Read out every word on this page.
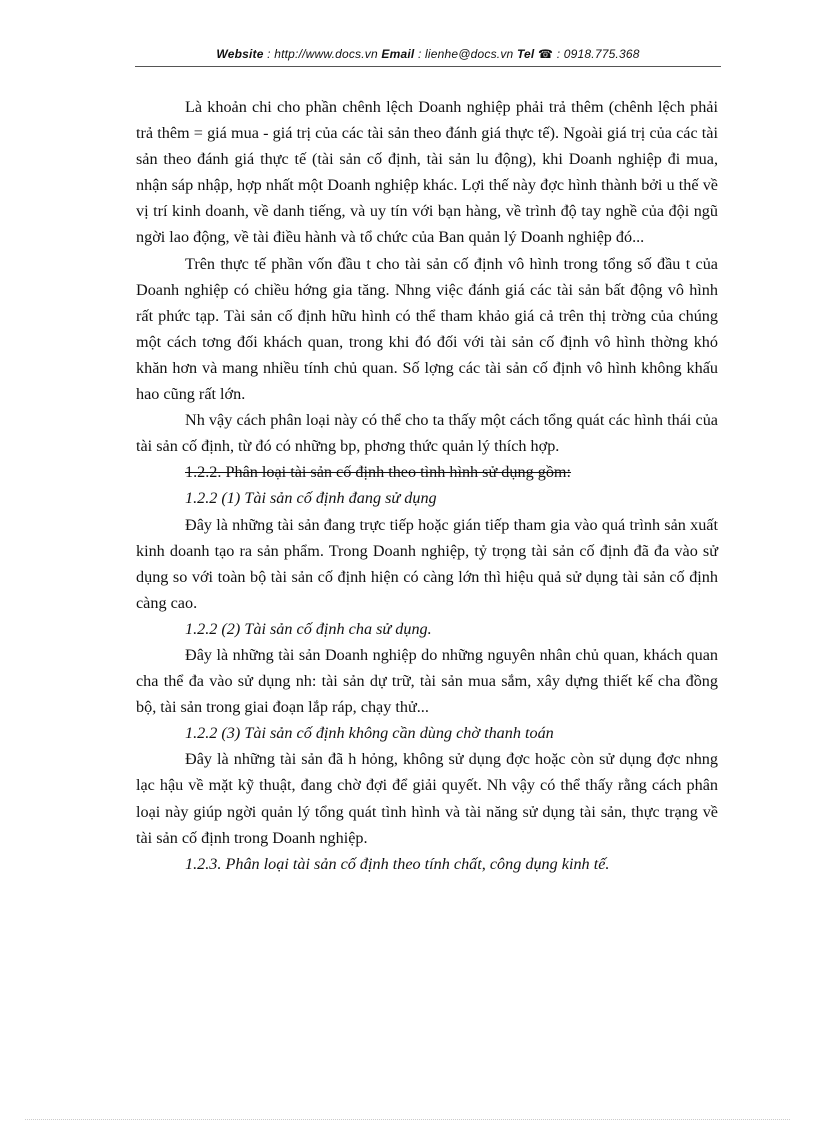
Website : http://www.docs.vn Email : lienhe@docs.vn Tel ☎ : 0918.775.368

Là khoản chi cho phần chênh lệch Doanh nghiệp phải trả thêm (chênh lệch phải trả thêm = giá mua - giá trị của các tài sản theo đánh giá thực tế). Ngoài giá trị của các tài sản theo đánh giá thực tế (tài sản cố định, tài sản lu động), khi Doanh nghiệp đi mua, nhận sáp nhập, hợp nhất một Doanh nghiệp khác. Lợi thế này đợc hình thành bởi u thế về vị trí kinh doanh, về danh tiếng, và uy tín với bạn hàng, về trình độ tay nghề của đội ngũ ngời lao động, về tài điều hành và tổ chức của Ban quản lý Doanh nghiệp đó...

Trên thực tế phần vốn đầu t cho tài sản cố định vô hình trong tổng số đầu t của Doanh nghiệp có chiều hớng gia tăng. Nhng việc đánh giá các tài sản bất động vô hình rất phức tạp. Tài sản cố định hữu hình có thể tham khảo giá cả trên thị trờng của chúng một cách tơng đối khách quan, trong khi đó đối với tài sản cố định vô hình thờng khó khăn hơn và mang nhiều tính chủ quan. Số lợng các tài sản cố định vô hình không khấu hao cũng rất lớn.

Nh vậy cách phân loại này có thể cho ta thấy một cách tổng quát các hình thái của tài sản cố định, từ đó có những bp, phơng thức quản lý thích hợp.

1.2.2. Phân loại tài sản cố định theo tình hình sử dụng gồm:

1.2.2 (1) Tài sản cố định đang sử dụng

Đây là những tài sản đang trực tiếp hoặc gián tiếp tham gia vào quá trình sản xuất kinh doanh tạo ra sản phẩm. Trong Doanh nghiệp, tỷ trọng tài sản cố định đã đa vào sử dụng so với toàn bộ tài sản cố định hiện có càng lớn thì hiệu quả sử dụng tài sản cố định càng cao.

1.2.2 (2) Tài sản cố định cha sử dụng.

Đây là những tài sản Doanh nghiệp do những nguyên nhân chủ quan, khách quan cha thể đa vào sử dụng nh: tài sản dự trữ, tài sản mua sắm, xây dựng thiết kế cha đồng bộ, tài sản trong giai đoạn lắp ráp, chạy thử...

1.2.2 (3) Tài sản cố định không cần dùng chờ thanh toán

Đây là những tài sản đã h hỏng, không sử dụng đợc hoặc còn sử dụng đợc nhng lạc hậu về mặt kỹ thuật, đang chờ đợi để giải quyết. Nh vậy có thể thấy rằng cách phân loại này giúp ngời quản lý tổng quát tình hình và tài năng sử dụng tài sản, thực trạng về tài sản cố định trong Doanh nghiệp.

1.2.3. Phân loại tài sản cố định theo tính chất, công dụng kinh tế.
